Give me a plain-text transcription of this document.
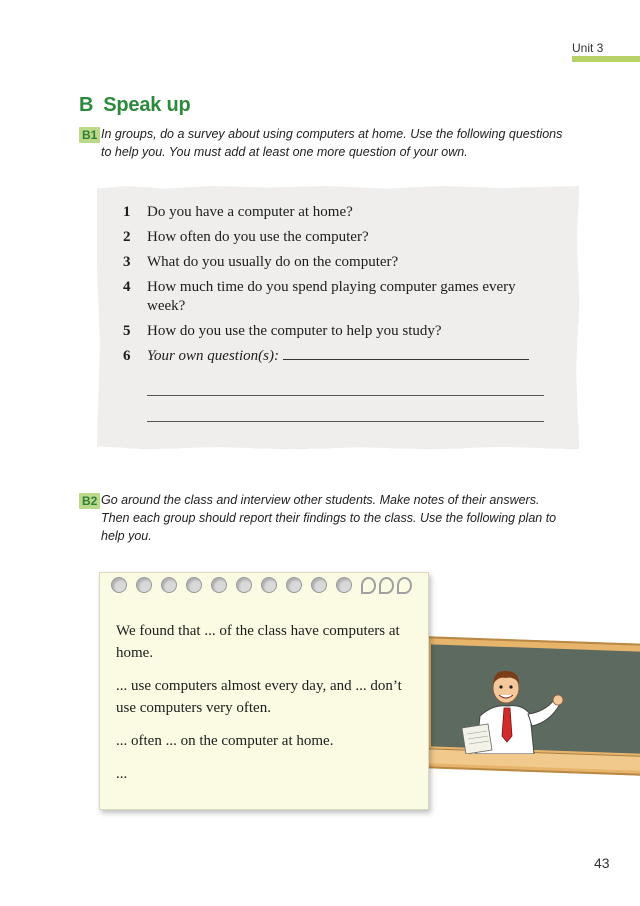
Unit 3
B Speak up
B1 In groups, do a survey about using computers at home. Use the following questions
to help you. You must add at least one more question of your own.
1 Do you have a computer at home?
2 How often do you use the computer?
3 What do you usually do on the computer?
4 How much time do you spend playing computer games every week?
5 How do you use the computer to help you study?
6 Your own question(s):
B2 Go around the class and interview other students. Make notes of their answers.
Then each group should report their findings to the class. Use the following plan to
help you.

We found that ... of the class have computers at home.

... use computers almost every day, and ... don’t use computers very often.

... often ... on the computer at home.

...

43
